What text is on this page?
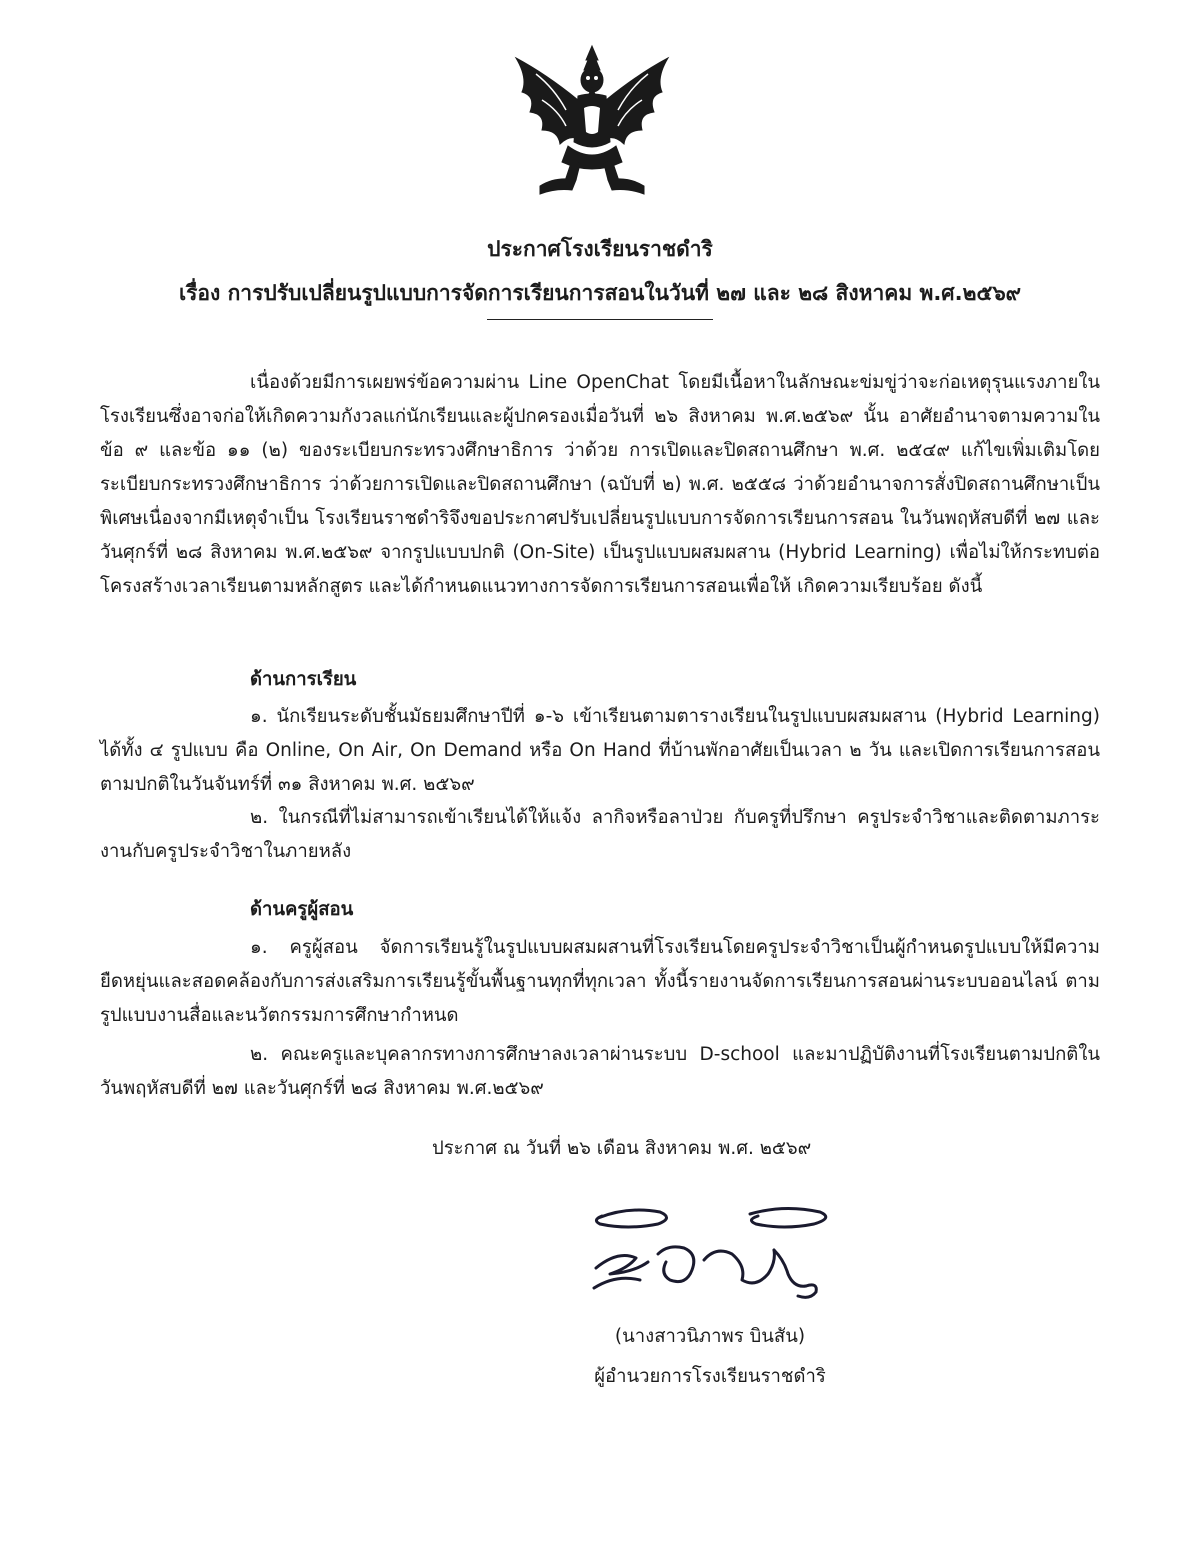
ประกาศโรงเรียนราชดำริ

เรื่อง การปรับเปลี่ยนรูปแบบการจัดการเรียนการสอนในวันที่ ๒๗ และ ๒๘ สิงหาคม พ.ศ.๒๕๖๙

เนื่องด้วยมีการเผยพร่ข้อความผ่าน Line OpenChat โดยมีเนื้อหาในลักษณะข่มขู่ว่าจะก่อเหตุรุนแรงภายในโรงเรียนซึ่งอาจก่อให้เกิดความกังวลแก่นักเรียนและผู้ปกครองเมื่อวันที่ ๒๖ สิงหาคม พ.ศ.๒๕๖๙ นั้น อาศัยอำนาจตามความในข้อ ๙ และข้อ ๑๑ (๒) ของระเบียบกระทรวงศึกษาธิการ ว่าด้วย การเปิดและปิดสถานศึกษา พ.ศ. ๒๕๔๙ แก้ไขเพิ่มเติมโดยระเบียบกระทรวงศึกษาธิการ ว่าด้วยการเปิดและปิดสถานศึกษา (ฉบับที่ ๒) พ.ศ. ๒๕๕๘ ว่าด้วยอำนาจการสั่งปิดสถานศึกษาเป็นพิเศษเนื่องจากมีเหตุจำเป็น โรงเรียนราชดำริจึงขอประกาศปรับเปลี่ยนรูปแบบการจัดการเรียนการสอน ในวันพฤหัสบดีที่ ๒๗ และวันศุกร์ที่ ๒๘ สิงหาคม พ.ศ.๒๕๖๙ จากรูปแบบปกติ (On-Site) เป็นรูปแบบผสมผสาน (Hybrid Learning) เพื่อไม่ให้กระทบต่อโครงสร้างเวลาเรียนตามหลักสูตร และได้กำหนดแนวทางการจัดการเรียนการสอนเพื่อให้ เกิดความเรียบร้อย ดังนี้

ด้านการเรียน

๑. นักเรียนระดับชั้นมัธยมศึกษาปีที่ ๑-๖ เข้าเรียนตามตารางเรียนในรูปแบบผสมผสาน (Hybrid Learning) ได้ทั้ง ๔ รูปแบบ คือ Online, On Air, On Demand หรือ On Hand ที่บ้านพักอาศัยเป็นเวลา ๒ วัน และเปิดการเรียนการสอนตามปกติในวันจันทร์ที่ ๓๑ สิงหาคม พ.ศ. ๒๕๖๙

๒. ในกรณีที่ไม่สามารถเข้าเรียนได้ให้แจ้ง ลากิจหรือลาป่วย กับครูที่ปรึกษา ครูประจำวิชาและติดตามภาระงานกับครูประจำวิชาในภายหลัง

ด้านครูผู้สอน

๑. ครูผู้สอน จัดการเรียนรู้ในรูปแบบผสมผสานที่โรงเรียนโดยครูประจำวิชาเป็นผู้กำหนดรูปแบบให้มีความยืดหยุ่นและสอดคล้องกับการส่งเสริมการเรียนรู้ขั้นพื้นฐานทุกที่ทุกเวลา ทั้งนี้รายงานจัดการเรียนการสอนผ่านระบบออนไลน์ ตามรูปแบบงานสื่อและนวัตกรรมการศึกษากำหนด

๒. คณะครูและบุคลากรทางการศึกษาลงเวลาผ่านระบบ D-school และมาปฏิบัติงานที่โรงเรียนตามปกติในวันพฤหัสบดีที่ ๒๗ และวันศุกร์ที่ ๒๘ สิงหาคม พ.ศ.๒๕๖๙

ประกาศ ณ วันที่ ๒๖ เดือน สิงหาคม พ.ศ. ๒๕๖๙

(นางสาวนิภาพร บินสัน)

ผู้อำนวยการโรงเรียนราชดำริ
